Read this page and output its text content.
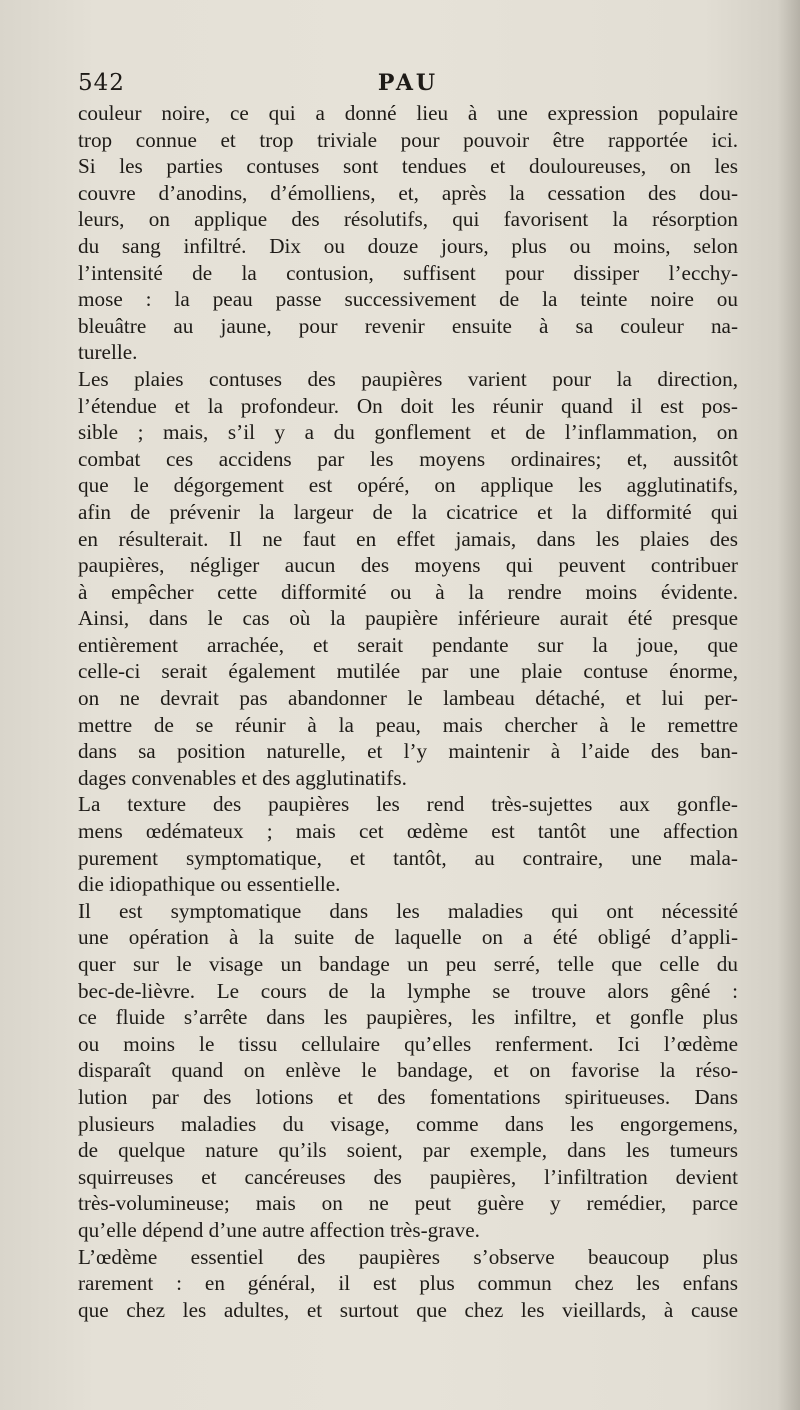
542	PAU
couleur noire, ce qui a donné lieu à une expression populaire
trop connue et trop triviale pour pouvoir être rapportée ici.
Si les parties contuses sont tendues et douloureuses, on les
couvre d’anodins, d’émolliens, et, après la cessation des dou-
leurs, on applique des résolutifs, qui favorisent la résorption
du sang infiltré. Dix ou douze jours, plus ou moins, selon
l’intensité de la contusion, suffisent pour dissiper l’ecchy-
mose : la peau passe successivement de la teinte noire ou
bleuâtre au jaune, pour revenir ensuite à sa couleur na-
turelle.
Les plaies contuses des paupières varient pour la direction,
l’étendue et la profondeur. On doit les réunir quand il est pos-
sible ; mais, s’il y a du gonflement et de l’inflammation, on
combat ces accidens par les moyens ordinaires; et, aussitôt
que le dégorgement est opéré, on applique les agglutinatifs,
afin de prévenir la largeur de la cicatrice et la difformité qui
en résulterait. Il ne faut en effet jamais, dans les plaies des
paupières, négliger aucun des moyens qui peuvent contribuer
à empêcher cette difformité ou à la rendre moins évidente.
Ainsi, dans le cas où la paupière inférieure aurait été presque
entièrement arrachée, et serait pendante sur la joue, que
celle-ci serait également mutilée par une plaie contuse énorme,
on ne devrait pas abandonner le lambeau détaché, et lui per-
mettre de se réunir à la peau, mais chercher à le remettre
dans sa position naturelle, et l’y maintenir à l’aide des ban-
dages convenables et des agglutinatifs.
La texture des paupières les rend très-sujettes aux gonfle-
mens œdémateux ; mais cet œdème est tantôt une affection
purement symptomatique, et tantôt, au contraire, une mala-
die idiopathique ou essentielle.
Il est symptomatique dans les maladies qui ont nécessité
une opération à la suite de laquelle on a été obligé d’appli-
quer sur le visage un bandage un peu serré, telle que celle du
bec-de-lièvre. Le cours de la lymphe se trouve alors gêné :
ce fluide s’arrête dans les paupières, les infiltre, et gonfle plus
ou moins le tissu cellulaire qu’elles renferment. Ici l’œdème
disparaît quand on enlève le bandage, et on favorise la réso-
lution par des lotions et des fomentations spiritueuses. Dans
plusieurs maladies du visage, comme dans les engorgemens,
de quelque nature qu’ils soient, par exemple, dans les tumeurs
squirreuses et cancéreuses des paupières, l’infiltration devient
très-volumineuse; mais on ne peut guère y remédier, parce
qu’elle dépend d’une autre affection très-grave.
L’œdème essentiel des paupières s’observe beaucoup plus
rarement : en général, il est plus commun chez les enfans
que chez les adultes, et surtout que chez les vieillards, à cause
